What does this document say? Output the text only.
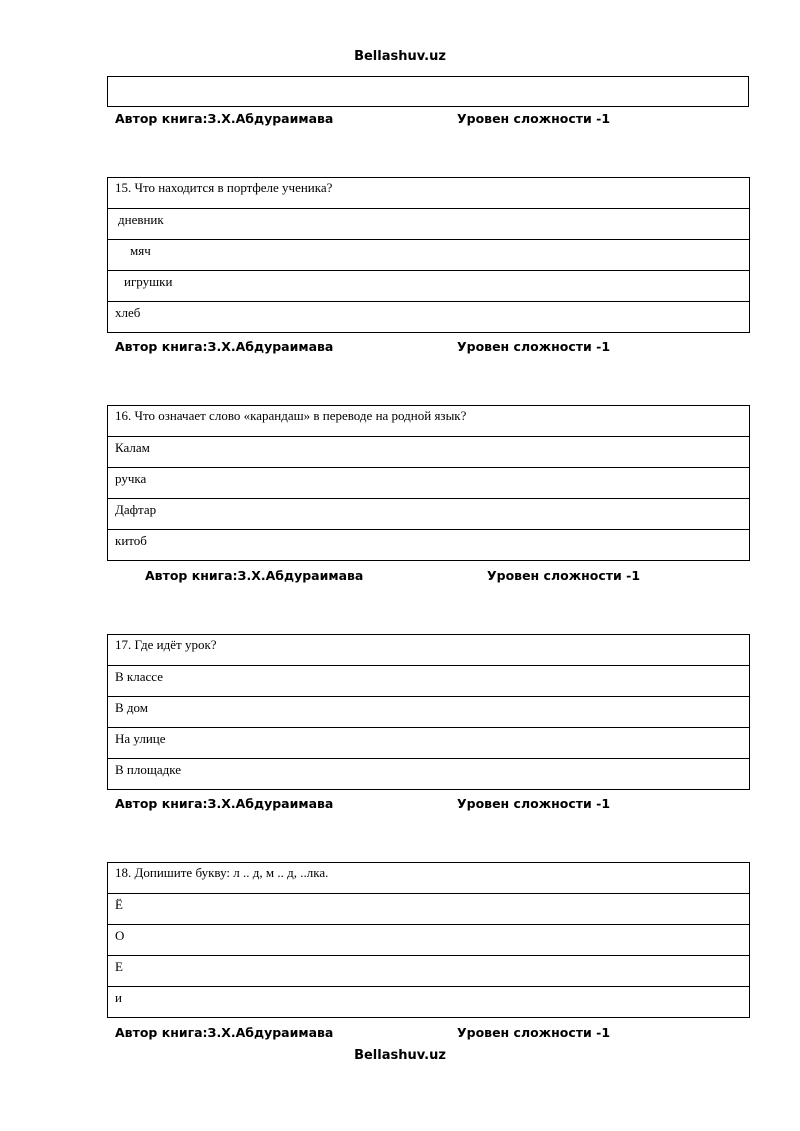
Bellashuv.uz
Автор книга:З.Х.Абдураимава	Уровен сложности -1
15. Что находится в портфеле ученика?
дневник
мяч
игрушки
хлеб
Автор книга:З.Х.Абдураимава	Уровен сложности -1
16. Что означает слово «карандаш» в переводе на родной язык?
Калам
ручка
Дафтар
китоб
Автор книга:З.Х.Абдураимава	Уровен сложности -1
17. Где идёт урок?
В классе
В дом
На улице
В площадке
Автор книга:З.Х.Абдураимава	Уровен сложности -1
18. Допишите букву: л .. д, м .. д, ..лка.
Ё
О
Е
и
Автор книга:З.Х.Абдураимава	Уровен сложности -1
Bellashuv.uz
